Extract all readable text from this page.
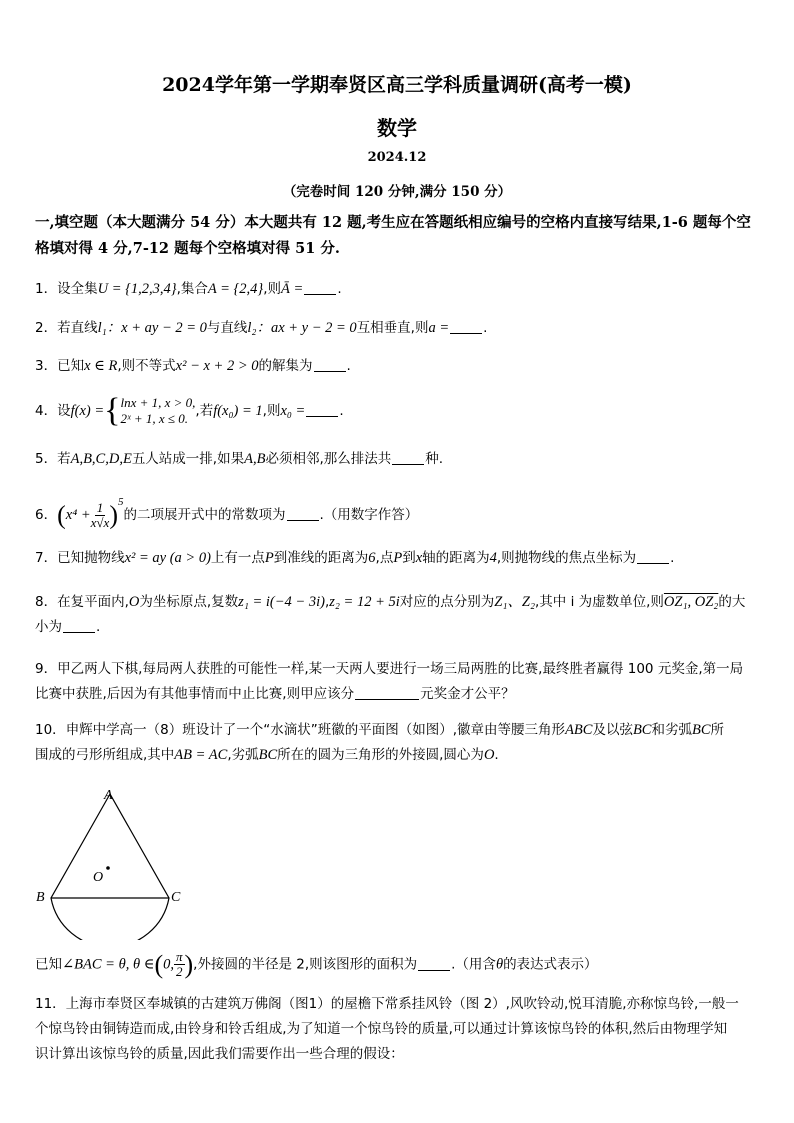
2024学年第一学期奉贤区高三学科质量调研(高考一模)
数学
2024.12
（完卷时间 120 分钟,满分 150 分）
一,填空题（本大题满分 54 分）本大题共有 12 题,考生应在答题纸相应编号的空格内直接写结果,1-6 题每个空格填对得 4 分,7-12 题每个空格填对得 51 分.
1．设全集U = {1,2,3,4},集合A = {2,4},则Ā =	.
2．若直线l₁：x + ay − 2 = 0与直线l₂：ax + y − 2 = 0互相垂直,则a =	.
3．已知x ∈ R,则不等式x² − x + 2 > 0的解集为	.
4．设f(x) = { lnx + 1, x > 0,
2ˣ + 1, x ≤ 0. ,若f(x₀) = 1,则x₀ =	.
5．若A,B,C,D,E五人站成一排,如果A,B必须相邻,那么排法共	种.
6．$(x^4 + \frac{1}{x√x} )^5$的二项展开式中的常数项为	.（用数字作答）
7．已知抛物线x² = ay (a > 0)上有一点P到准线的距离为6,点P到x轴的距离为4,则抛物线的焦点坐标为	.
8．在复平面内,O为坐标原点,复数z₁ = i(−4 − 3i),z₂ = 12 + 5i对应的点分别为Z₁、Z₂,其中 i 为虚数单位,则OZ₁, OZ₂的大
小为	.
9．甲乙两人下棋,每局两人获胜的可能性一样,某一天两人要进行一场三局两胜的比赛,最终胜者赢得 100 元奖金,第一局
比赛中获胜,后因为有其他事情而中止比赛,则甲应该分	元奖金才公平？
10．申辉中学高一（8）班设计了一个“水滴状”班徽的平面图（如图）,徽章由等腰三角形ABC及以弦BC和劣弧BC所
围成的弓形所组成,其中AB = AC,劣弧BC所在的圆为三角形的外接圆,圆心为O.
A
B	C
O
已知∠BAC = θ, θ ∈(0, $\frac{\pi}{2}$ ),外接圆的半径是 2,则该图形的面积为	.（用含θ的表达式表示）
11．上海市奉贤区奉城镇的古建筑万佛阁（图1）的屋檐下常系挂风铃（图 2）,风吹铃动,悦耳清脆,亦称惊鸟铃,一般一
个惊鸟铃由铜铸造而成,由铃身和铃舌组成,为了知道一个惊鸟铃的质量,可以通过计算该惊鸟铃的体积,然后由物理学知
识计算出该惊鸟铃的质量,因此我们需要作出一些合理的假设：
